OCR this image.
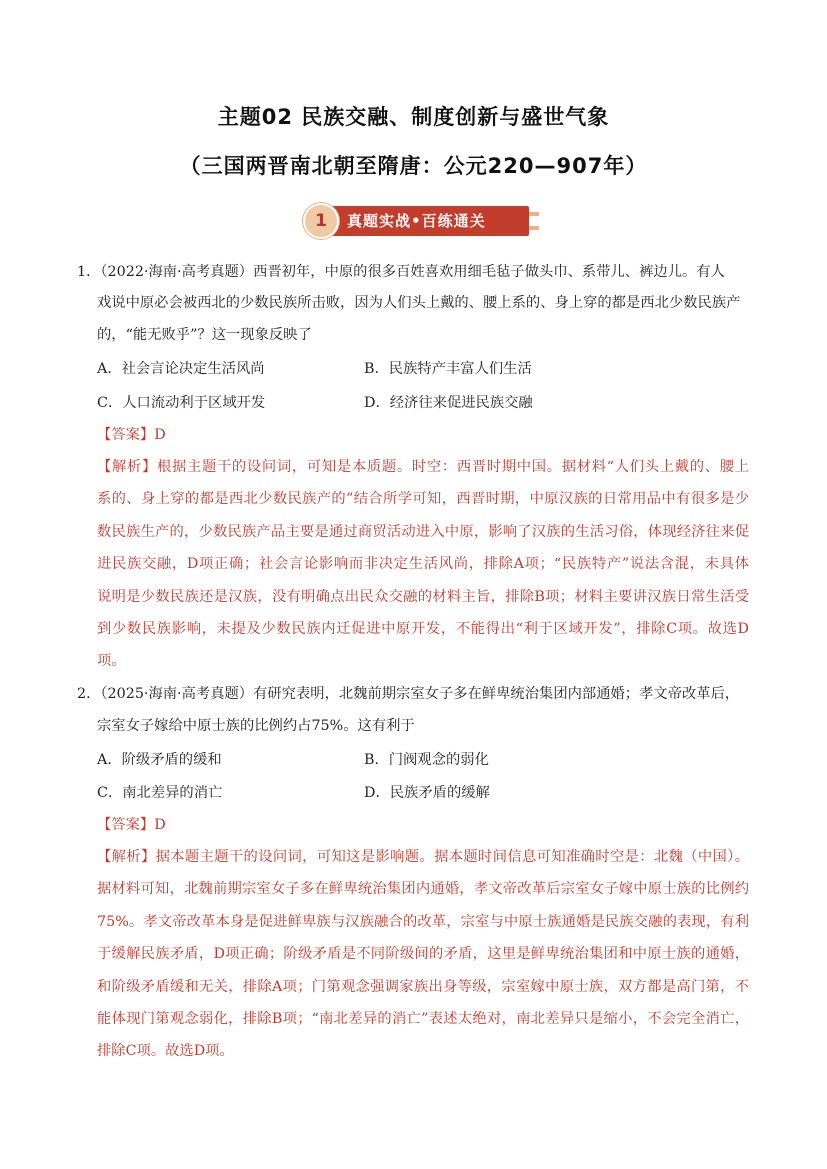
主题02 民族交融、制度创新与盛世气象
（三国两晋南北朝至隋唐：公元220—907年）
1	真题实战•百练通关
1．（2022·海南·高考真题）西晋初年，中原的很多百姓喜欢用细毛毡子做头巾、系带儿、裤边儿。有人
戏说中原必会被西北的少数民族所击败，因为人们头上戴的、腰上系的、身上穿的都是西北少数民族产
的，“能无败乎”？这一现象反映了
A．社会言论决定生活风尚	B．民族特产丰富人们生活
C．人口流动利于区域开发	D．经济往来促进民族交融
【答案】D
【解析】根据主题干的设问词，可知是本质题。时空：西晋时期中国。据材料“人们头上戴的、腰上
系的、身上穿的都是西北少数民族产的”结合所学可知，西晋时期，中原汉族的日常用品中有很多是少
数民族生产的，少数民族产品主要是通过商贸活动进入中原，影响了汉族的生活习俗，体现经济往来促
进民族交融，D项正确；社会言论影响而非决定生活风尚，排除A项；“民族特产”说法含混，未具体
说明是少数民族还是汉族，没有明确点出民众交融的材料主旨，排除B项；材料主要讲汉族日常生活受
到少数民族影响，未提及少数民族内迁促进中原开发，不能得出“利于区域开发”，排除C项。故选D
项。
2．（2025·海南·高考真题）有研究表明，北魏前期宗室女子多在鲜卑统治集团内部通婚；孝文帝改革后，
宗室女子嫁给中原士族的比例约占75%。这有利于
A．阶级矛盾的缓和	B．门阀观念的弱化
C．南北差异的消亡	D．民族矛盾的缓解
【答案】D
【解析】据本题主题干的设问词，可知这是影响题。据本题时间信息可知准确时空是：北魏（中国）。
据材料可知，北魏前期宗室女子多在鲜卑统治集团内通婚，孝文帝改革后宗室女子嫁中原士族的比例约
75%。孝文帝改革本身是促进鲜卑族与汉族融合的改革，宗室与中原士族通婚是民族交融的表现，有利
于缓解民族矛盾，D项正确；阶级矛盾是不同阶级间的矛盾，这里是鲜卑统治集团和中原士族的通婚，
和阶级矛盾缓和无关，排除A项；门第观念强调家族出身等级，宗室嫁中原士族，双方都是高门第，不
能体现门第观念弱化，排除B项；“南北差异的消亡”表述太绝对，南北差异只是缩小，不会完全消亡，
排除C项。故选D项。
